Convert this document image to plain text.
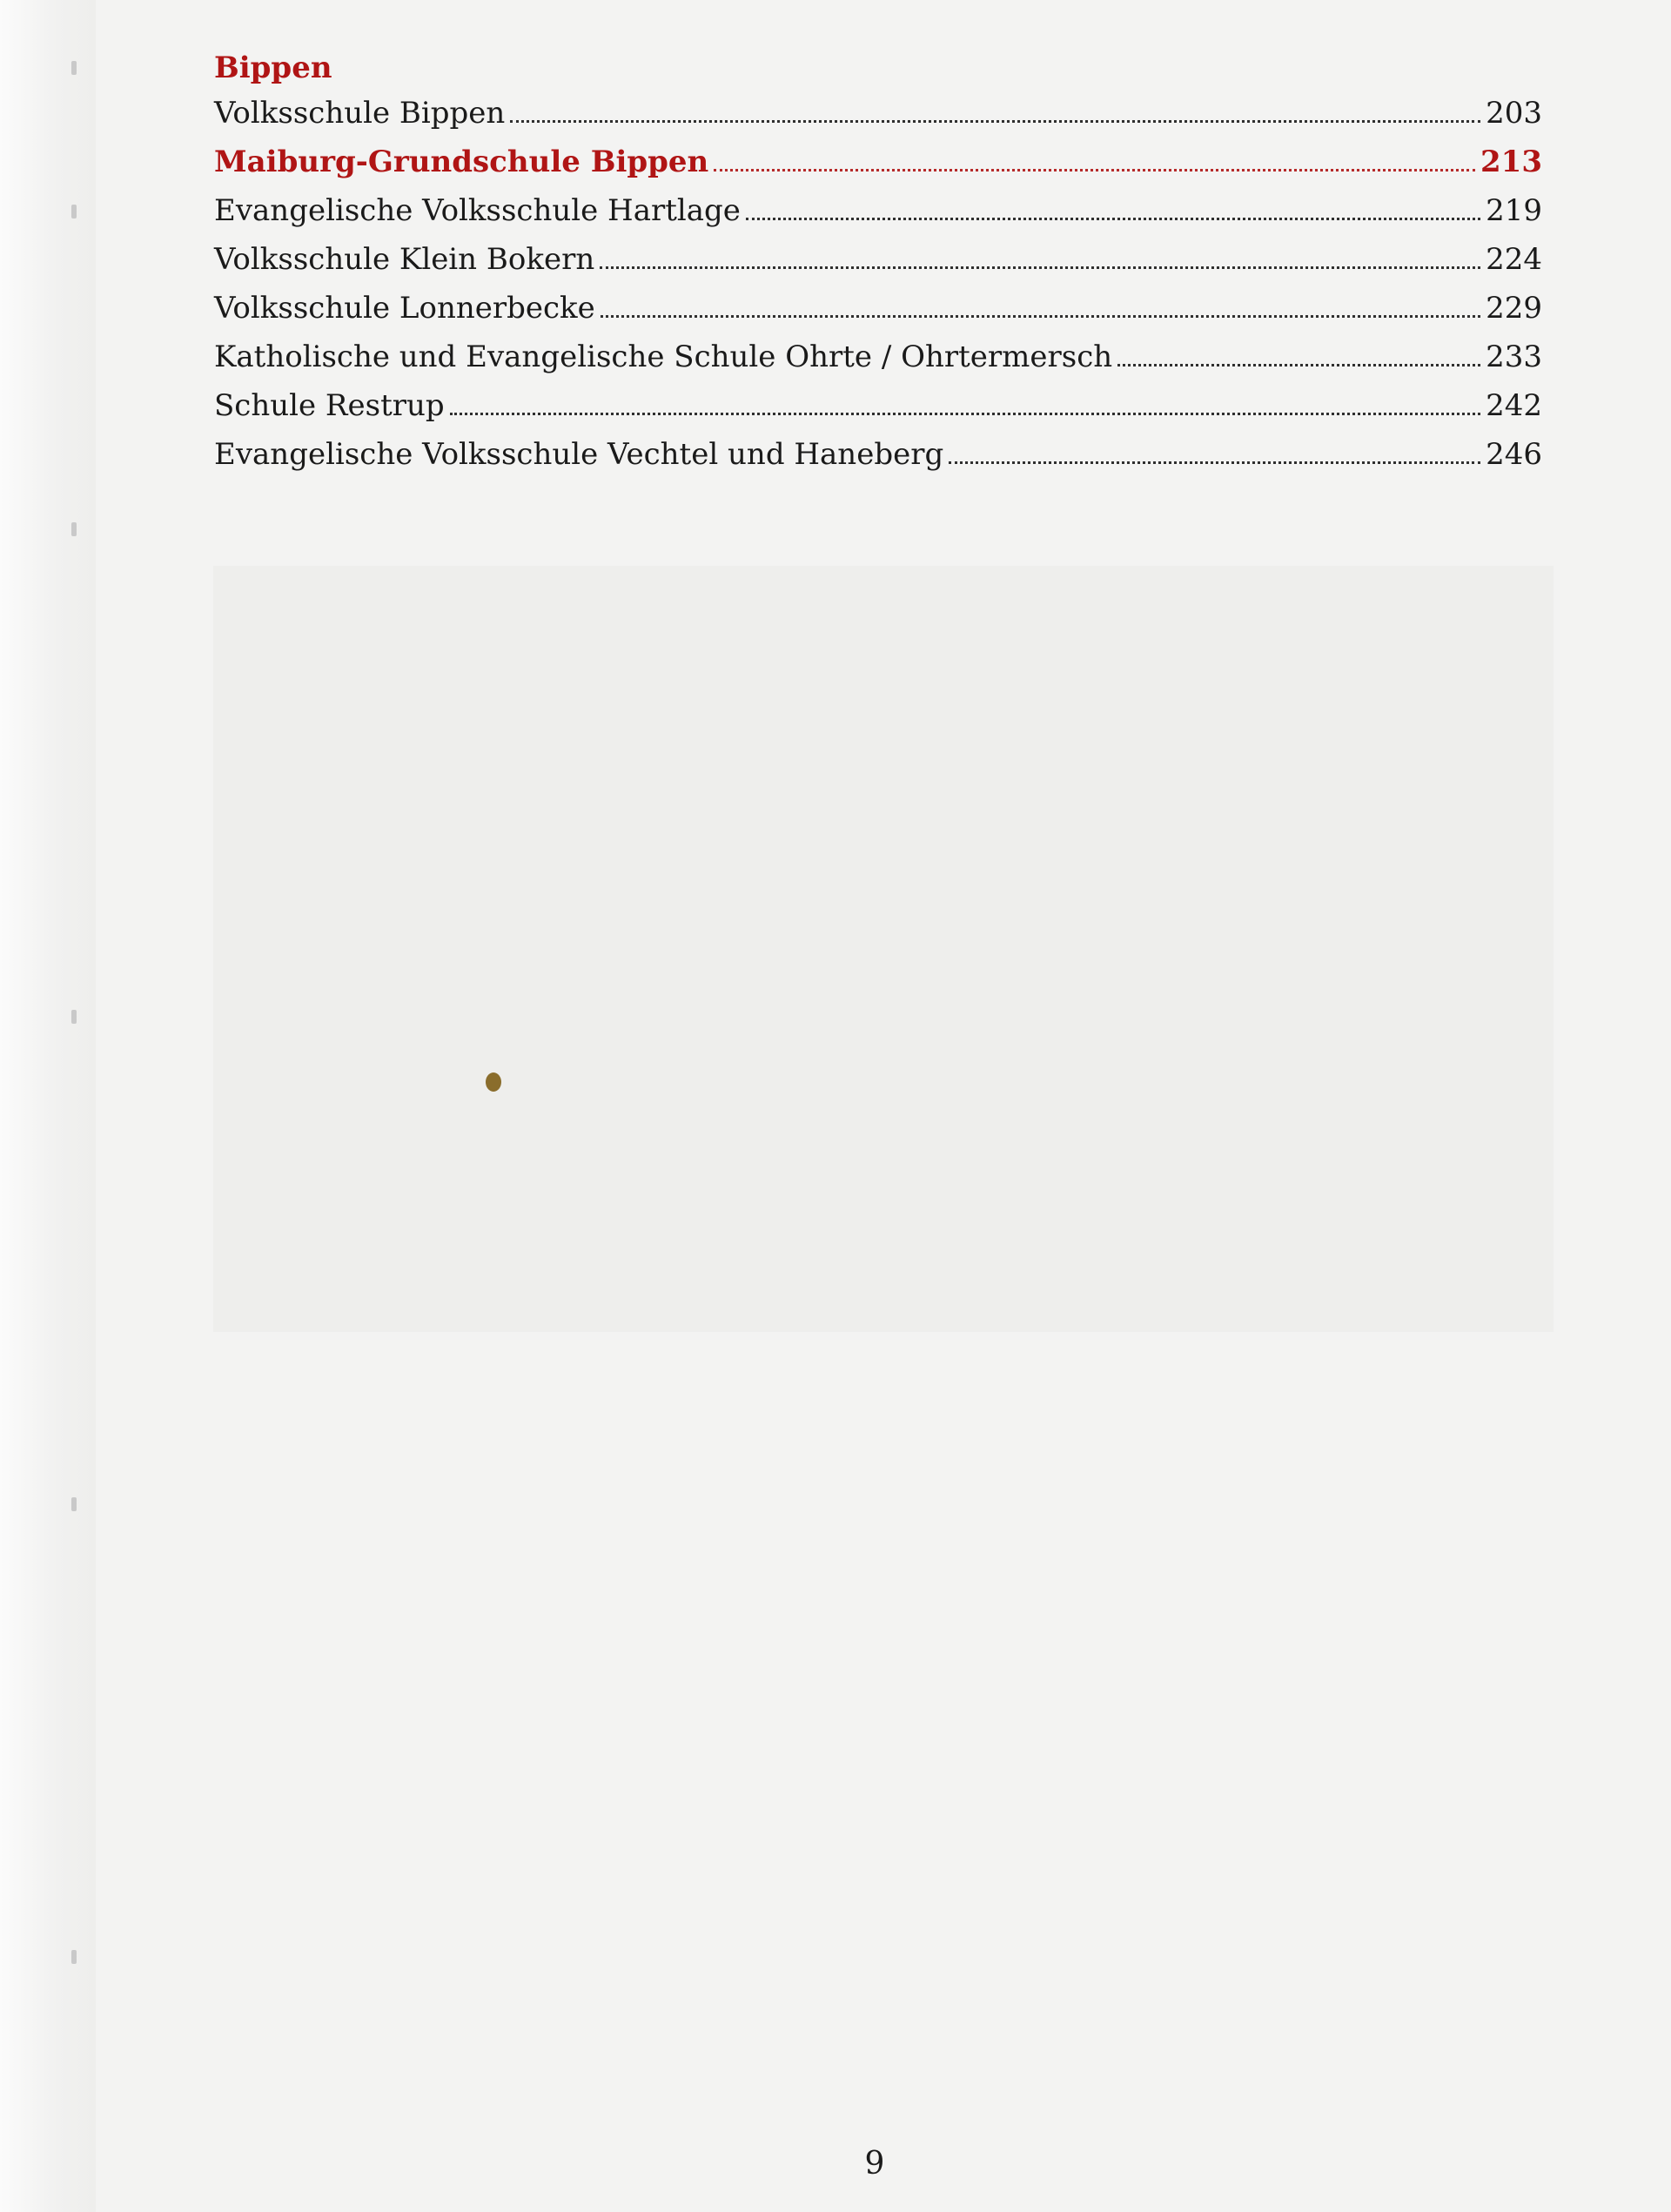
Bippen
Volksschule Bippen	203
Maiburg-Grundschule Bippen	213
Evangelische Volksschule Hartlage	219
Volksschule Klein Bokern	224
Volksschule Lonnerbecke	229
Katholische und Evangelische Schule Ohrte / Ohrtermersch	233
Schule Restrup	242
Evangelische Volksschule Vechtel und Haneberg	246
9
